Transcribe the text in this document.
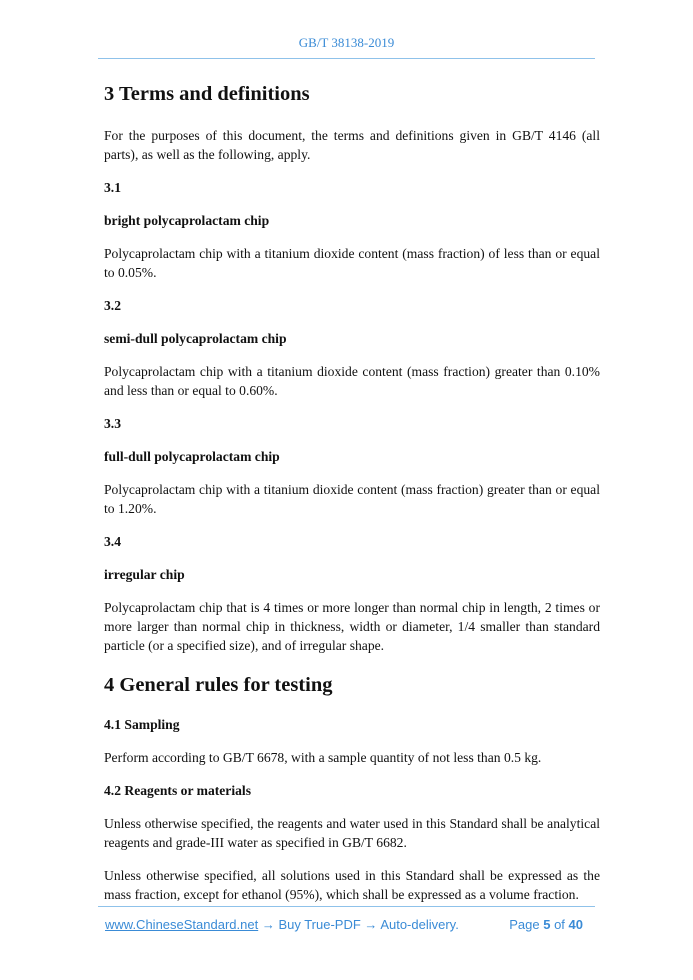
GB/T 38138-2019
3 Terms and definitions

For the purposes of this document, the terms and definitions given in GB/T 4146 (all parts), as well as the following, apply.

3.1

bright polycaprolactam chip

Polycaprolactam chip with a titanium dioxide content (mass fraction) of less than or equal to 0.05%.

3.2

semi-dull polycaprolactam chip

Polycaprolactam chip with a titanium dioxide content (mass fraction) greater than 0.10% and less than or equal to 0.60%.

3.3

full-dull polycaprolactam chip

Polycaprolactam chip with a titanium dioxide content (mass fraction) greater than or equal to 1.20%.

3.4

irregular chip

Polycaprolactam chip that is 4 times or more longer than normal chip in length, 2 times or more larger than normal chip in thickness, width or diameter, 1/4 smaller than standard particle (or a specified size), and of irregular shape.

4 General rules for testing

4.1 Sampling

Perform according to GB/T 6678, with a sample quantity of not less than 0.5 kg.

4.2 Reagents or materials

Unless otherwise specified, the reagents and water used in this Standard shall be analytical reagents and grade-III water as specified in GB/T 6682.

Unless otherwise specified, all solutions used in this Standard shall be expressed as the mass fraction, except for ethanol (95%), which shall be expressed as a volume fraction.

www.ChineseStandard.net → Buy True-PDF → Auto-delivery.	Page 5 of 40
